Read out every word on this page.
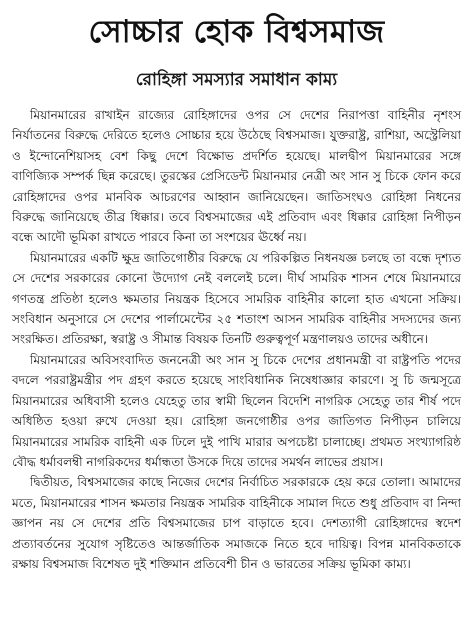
সোচ্চার হোক বিশ্বসমাজ
রোহিঙ্গা সমস্যার সমাধান কাম্য

মিয়ানমারের রাখাইন রাজ্যের রোহিঙ্গাদের ওপর সে দেশের নিরাপত্তা বাহিনীর নৃশংস নির্যাতনের বিরুদ্ধে দেরিতে হলেও সোচ্চার হয়ে উঠেছে বিশ্বসমাজ। যুক্তরাষ্ট্র, রাশিয়া, অস্ট্রেলিয়া ও ইন্দোনেশিয়াসহ বেশ কিছু দেশে বিক্ষোভ প্রদর্শিত হয়েছে। মালদ্বীপ মিয়ানমারের সঙ্গে বাণিজ্যিক সম্পর্ক ছিন্ন করেছে। তুরস্কের প্রেসিডেন্ট মিয়ানমার নেত্রী অং সান সু চিকে ফোন করে রোহিঙ্গাদের ওপর মানবিক আচরণের আহ্বান জানিয়েছেন। জাতিসংঘও রোহিঙ্গা নিধনের বিরুদ্ধে জানিয়েছে তীব্র ধিক্কার। তবে বিশ্বসমাজের এই প্রতিবাদ এবং ধিক্কার রোহিঙ্গা নিপীড়ন বন্ধে আদৌ ভূমিকা রাখতে পারবে কিনা তা সংশয়ের ঊর্ধ্বে নয়।

মিয়ানমারের একটি ক্ষুদ্র জাতিগোষ্ঠীর বিরুদ্ধে যে পরিকল্পিত নিধনযজ্ঞ চলছে তা বন্ধে দৃশ্যত সে দেশের সরকারের কোনো উদ্যোগ নেই বললেই চলে। দীর্ঘ সামরিক শাসন শেষে মিয়ানমারে গণতন্ত্র প্রতিষ্ঠা হলেও ক্ষমতার নিয়ন্ত্রক হিসেবে সামরিক বাহিনীর কালো হাত এখনো সক্রিয়। সংবিধান অনুসারে সে দেশের পার্লামেন্টের ২৫ শতাংশ আসন সামরিক বাহিনীর সদস্যদের জন্য সংরক্ষিত। প্রতিরক্ষা, স্বরাষ্ট্র ও সীমান্ত বিষয়ক তিনটি গুরুত্বপূর্ণ মন্ত্রণালয়ও তাদের অধীনে।

মিয়ানমারের অবিসংবাদিত জননেত্রী অং সান সু চিকে দেশের প্রধানমন্ত্রী বা রাষ্ট্রপতি পদের বদলে পররাষ্ট্রমন্ত্রীর পদ গ্রহণ করতে হয়েছে সাংবিধানিক নিষেধাজ্ঞার কারণে। সু চি জন্মসূত্রে মিয়ানমারের অধিবাসী হলেও যেহেতু তার স্বামী ছিলেন বিদেশি নাগরিক সেহেতু তার শীর্ষ পদে অধিষ্ঠিত হওয়া রুখে দেওয়া হয়। রোহিঙ্গা জনগোষ্ঠীর ওপর জাতিগত নিপীড়ন চালিয়ে মিয়ানমারের সামরিক বাহিনী এক ঢিলে দুই পাখি মারার অপচেষ্টা চালাচ্ছে। প্রথমত সংখ্যাগরিষ্ঠ বৌদ্ধ ধর্মাবলম্বী নাগরিকদের ধর্মান্ধতা উসকে দিয়ে তাদের সমর্থন লাভের প্রয়াস।

দ্বিতীয়ত, বিশ্বসমাজের কাছে নিজের দেশের নির্বাচিত সরকারকে হেয় করে তোলা। আমাদের মতে, মিয়ানমারের শাসন ক্ষমতার নিয়ন্ত্রক সামরিক বাহিনীকে সামাল দিতে শুধু প্রতিবাদ বা নিন্দা জ্ঞাপন নয় সে দেশের প্রতি বিশ্বসমাজের চাপ বাড়াতে হবে। দেশত্যাগী রোহিঙ্গাদের স্বদেশ প্রত্যাবর্তনের সুযোগ সৃষ্টিতেও আন্তর্জাতিক সমাজকে নিতে হবে দায়িত্ব। বিপন্ন মানবিকতাকে রক্ষায় বিশ্বসমাজ বিশেষত দুই শক্তিমান প্রতিবেশী চীন ও ভারতের সক্রিয় ভূমিকা কাম্য।
